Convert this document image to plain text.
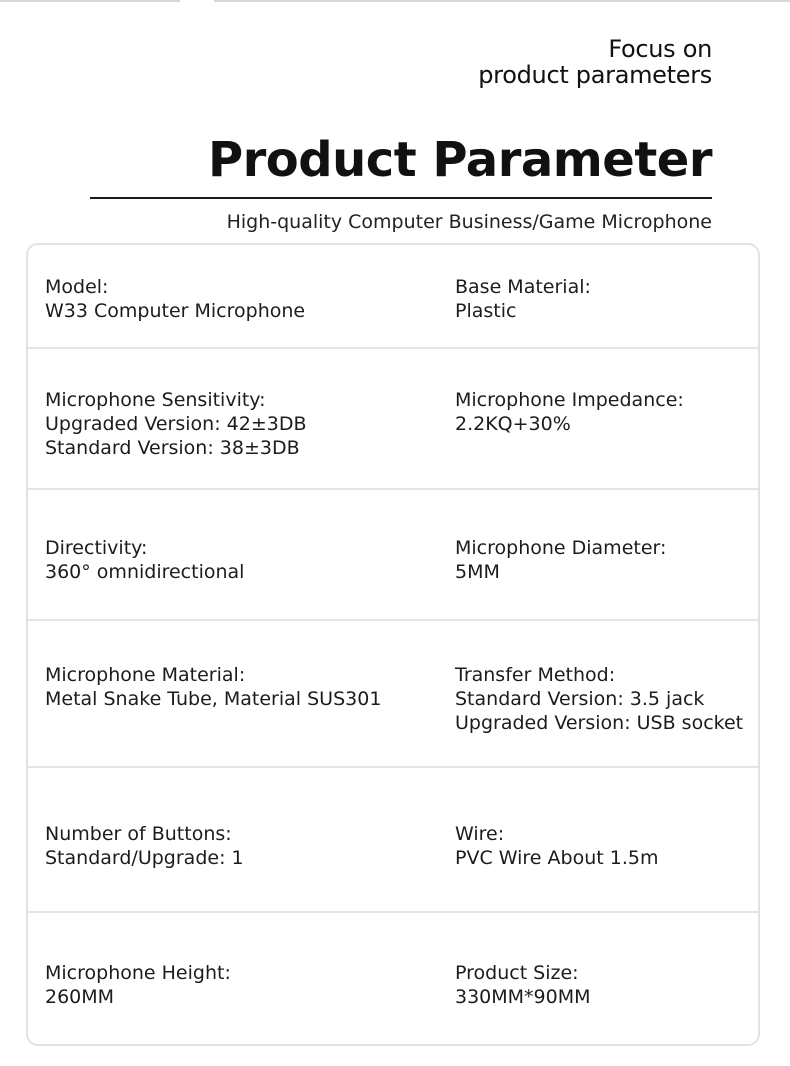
Focus on
product parameters
Product Parameter
High-quality Computer Business/Game Microphone
Model:
W33 Computer Microphone
Base Material:
Plastic
Microphone Sensitivity:
Upgraded Version: 42±3DB
Standard Version: 38±3DB
Microphone Impedance:
2.2KQ+30%
Directivity:
360° omnidirectional
Microphone Diameter:
5MM
Microphone Material:
Metal Snake Tube, Material SUS301
Transfer Method:
Standard Version: 3.5 jack
Upgraded Version: USB socket
Number of Buttons:
Standard/Upgrade: 1
Wire:
PVC Wire About 1.5m
Microphone Height:
260MM
Product Size:
330MM*90MM
